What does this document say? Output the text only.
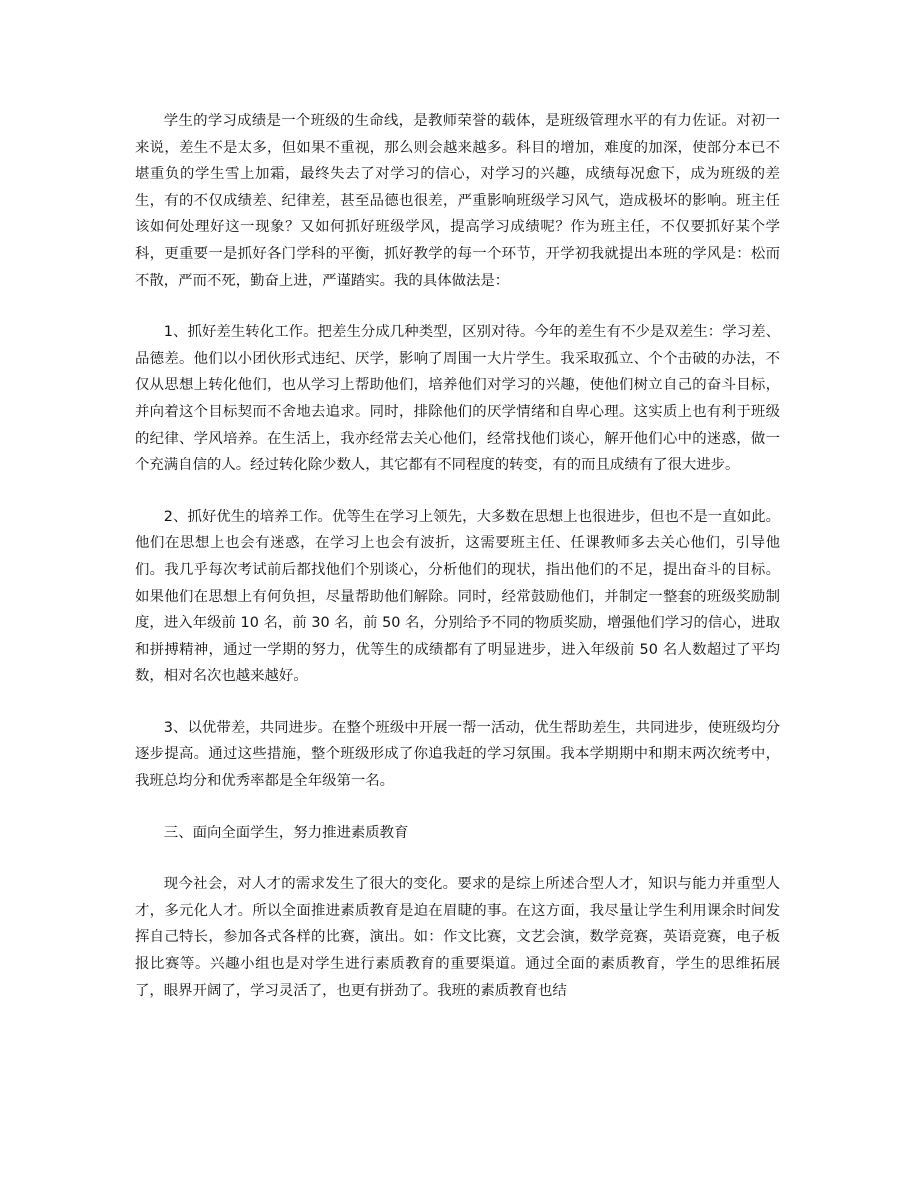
学生的学习成绩是一个班级的生命线，是教师荣誉的载体，是班级管理水平的有力佐证。对初一来说，差生不是太多，但如果不重视，那么则会越来越多。科目的增加，难度的加深，使部分本已不堪重负的学生雪上加霜，最终失去了对学习的信心，对学习的兴趣，成绩每况愈下，成为班级的差生，有的不仅成绩差、纪律差，甚至品德也很差，严重影响班级学习风气，造成极坏的影响。班主任该如何处理好这一现象？又如何抓好班级学风，提高学习成绩呢？作为班主任，不仅要抓好某个学科，更重要一是抓好各门学科的平衡，抓好教学的每一个环节，开学初我就提出本班的学风是：松而不散，严而不死，勤奋上进，严谨踏实。我的具体做法是：

1、抓好差生转化工作。把差生分成几种类型，区别对待。今年的差生有不少是双差生：学习差、品德差。他们以小团伙形式违纪、厌学，影响了周围一大片学生。我采取孤立、个个击破的办法，不仅从思想上转化他们，也从学习上帮助他们，培养他们对学习的兴趣，使他们树立自己的奋斗目标，并向着这个目标契而不舍地去追求。同时，排除他们的厌学情绪和自卑心理。这实质上也有利于班级的纪律、学风培养。在生活上，我亦经常去关心他们，经常找他们谈心，解开他们心中的迷惑，做一个充满自信的人。经过转化除少数人，其它都有不同程度的转变，有的而且成绩有了很大进步。

2、抓好优生的培养工作。优等生在学习上领先，大多数在思想上也很进步，但也不是一直如此。他们在思想上也会有迷惑，在学习上也会有波折，这需要班主任、任课教师多去关心他们，引导他们。我几乎每次考试前后都找他们个别谈心，分析他们的现状，指出他们的不足，提出奋斗的目标。如果他们在思想上有何负担，尽量帮助他们解除。同时，经常鼓励他们，并制定一整套的班级奖励制度，进入年级前 10 名，前 30 名，前 50 名，分别给予不同的物质奖励，增强他们学习的信心，进取和拼搏精神，通过一学期的努力，优等生的成绩都有了明显进步，进入年级前 50 名人数超过了平均数，相对名次也越来越好。

3、以优带差，共同进步。在整个班级中开展一帮一活动，优生帮助差生，共同进步，使班级均分逐步提高。通过这些措施，整个班级形成了你追我赶的学习氛围。我本学期期中和期末两次统考中，我班总均分和优秀率都是全年级第一名。

三、面向全面学生，努力推进素质教育

现今社会，对人才的需求发生了很大的变化。要求的是综上所述合型人才，知识与能力并重型人才，多元化人才。所以全面推进素质教育是迫在眉睫的事。在这方面，我尽量让学生利用课余时间发挥自己特长，参加各式各样的比赛，演出。如：作文比赛，文艺会演，数学竞赛，英语竞赛，电子板报比赛等。兴趣小组也是对学生进行素质教育的重要渠道。通过全面的素质教育，学生的思维拓展了，眼界开阔了，学习灵活了，也更有拼劲了。我班的素质教育也结
